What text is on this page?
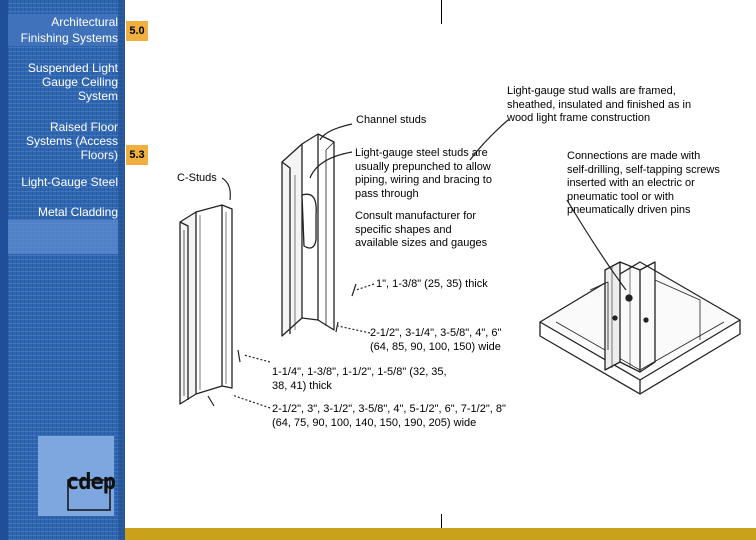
Architectural Finishing Systems	5.0
Suspended Light Gauge Ceiling System
Raised Floor Systems (Access Floors)	5.3
Light-Gauge Steel
Metal Cladding
cdep
C-Studs
Channel studs
Light-gauge steel studs are usually prepunched to allow piping, wiring and bracing to pass through
Consult manufacturer for specific shapes and available sizes and gauges
1", 1-3/8" (25, 35) thick
2-1/2", 3-1/4", 3-5/8", 4", 6" (64, 85, 90, 100, 150) wide
1-1/4", 1-3/8", 1-1/2", 1-5/8" (32, 35, 38, 41) thick
2-1/2", 3", 3-1/2", 3-5/8", 4", 5-1/2", 6", 7-1/2", 8" (64, 75, 90, 100, 140, 150, 190, 205) wide
Light-gauge stud walls are framed, sheathed, insulated and finished as in wood light frame construction
Connections are made with self-drilling, self-tapping screws inserted with an electric or pneumatic tool or with pneumatically driven pins
